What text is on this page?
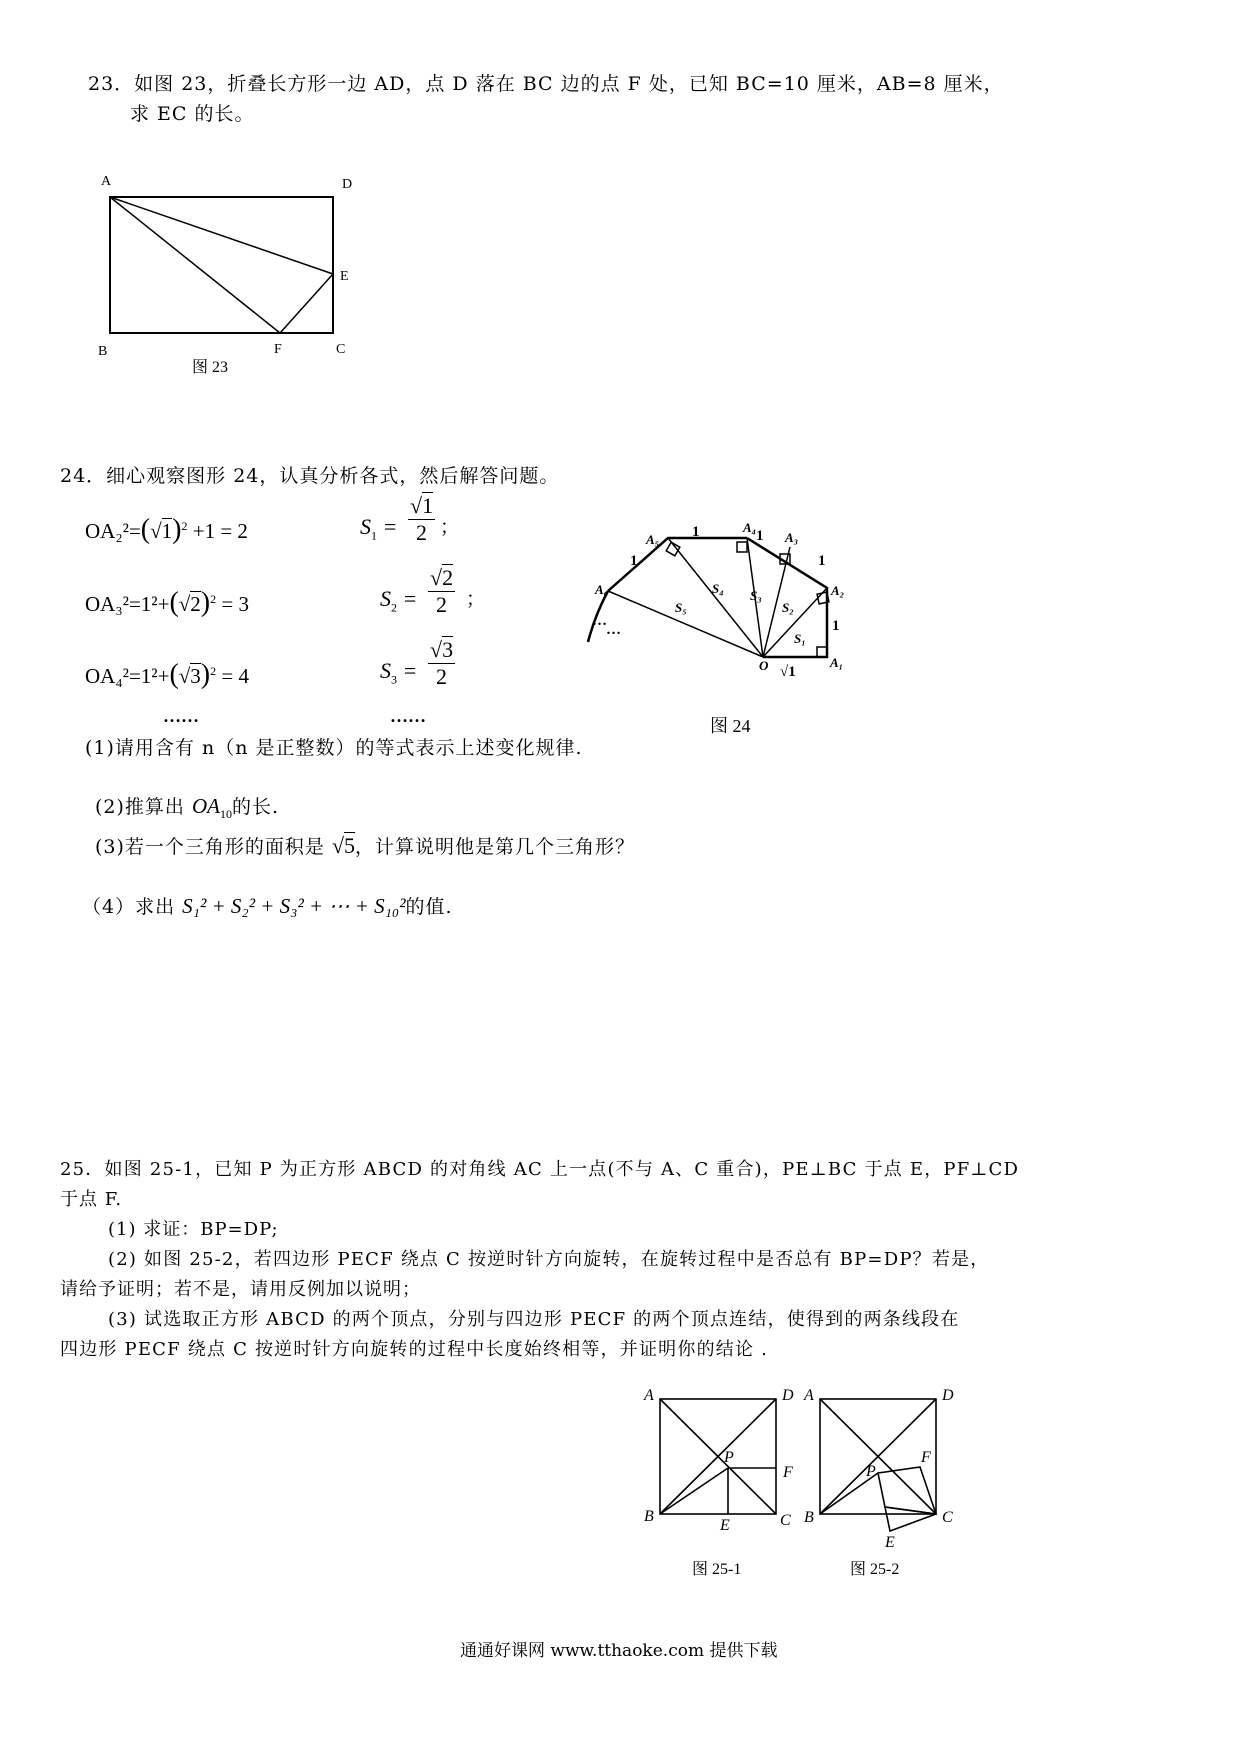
23．如图 23，折叠长方形一边 AD，点 D 落在 BC 边的点 F 处，已知 BC=10 厘米，AB=8 厘米，
求 EC 的长。
A	D
E
B	F	C
图 23
24．细心观察图形 24，认真分析各式，然后解答问题。
$OA_2^2=(√1)^2 +1 = 2$
$OA_3^2=1^2+(√2)^2 = 3$
$OA_4^2=1^2+(√3)^2 = 4$
……
$S_1 = \frac{√1}{2}$ ；
$S_2 = \frac{√2}{2}$ ；
$S_3 = \frac{√3}{2}$
……
O	A₁
A₂
A₃
A₄
A₅
A₆
S₁
S₂
S₃
S₄
S₅
1
1
1
1
1
√1
…
…
图 24
(1)请用含有 n（n 是正整数）的等式表示上述变化规律.
(2)推算出 $OA_{10}$的长.
(3)若一个三角形的面积是 √5，计算说明他是第几个三角形？
（4）求出 S₁² + S₂² + S₃² + ⋯ + S₁₀²的值.
25．如图 25-1，已知 P 为正方形 ABCD 的对角线 AC 上一点(不与 A、C 重合)，PE⊥BC 于点 E，PF⊥CD
于点 F.
(1) 求证：BP=DP;
(2) 如图 25-2，若四边形 PECF 绕点 C 按逆时针方向旋转，在旋转过程中是否总有 BP=DP？若是，
请给予证明；若不是，请用反例加以说明；
(3) 试选取正方形 ABCD 的两个顶点，分别与四边形 PECF 的两个顶点连结，使得到的两条线段在
四边形 PECF 绕点 C 按逆时针方向旋转的过程中长度始终相等，并证明你的结论 .
A	D
B	C
E
F
P
图 25-1
A	D
B	C
E
F
P
图 25-2
通通好课网 www.tthaoke.com 提供下载
